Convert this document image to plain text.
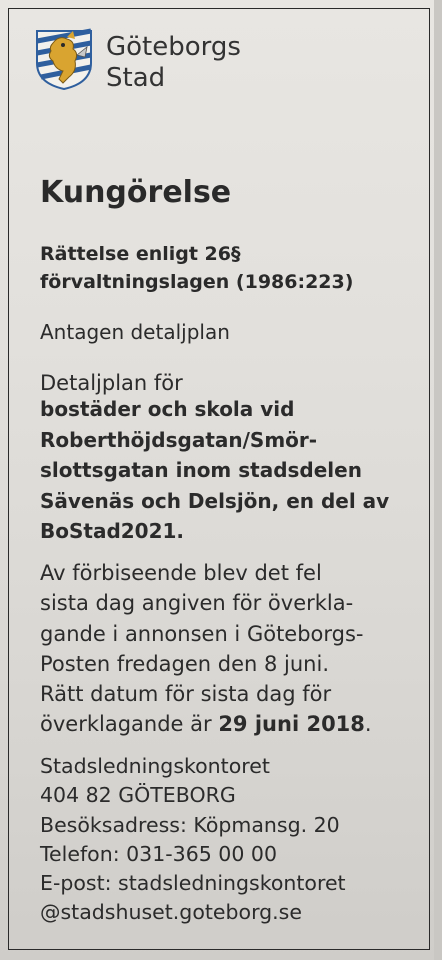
Göteborgs
Stad
Kungörelse
Rättelse enligt 26§
förvaltningslagen (1986:223)
Antagen detaljplan
Detaljplan för
bostäder och skola vid
Roberthöjdsgatan/Smör-
slottsgatan inom stadsdelen
Sävenäs och Delsjön, en del av
BoStad2021.
Av förbiseende blev det fel
sista dag angiven för överkla-
gande i annonsen i Göteborgs-
Posten fredagen den 8 juni.
Rätt datum för sista dag för
överklagande är 29 juni 2018.
Stadsledningskontoret
404 82 GÖTEBORG
Besöksadress: Köpmansg. 20
Telefon: 031-365 00 00
E-post: stadsledningskontoret
@stadshuset.goteborg.se
